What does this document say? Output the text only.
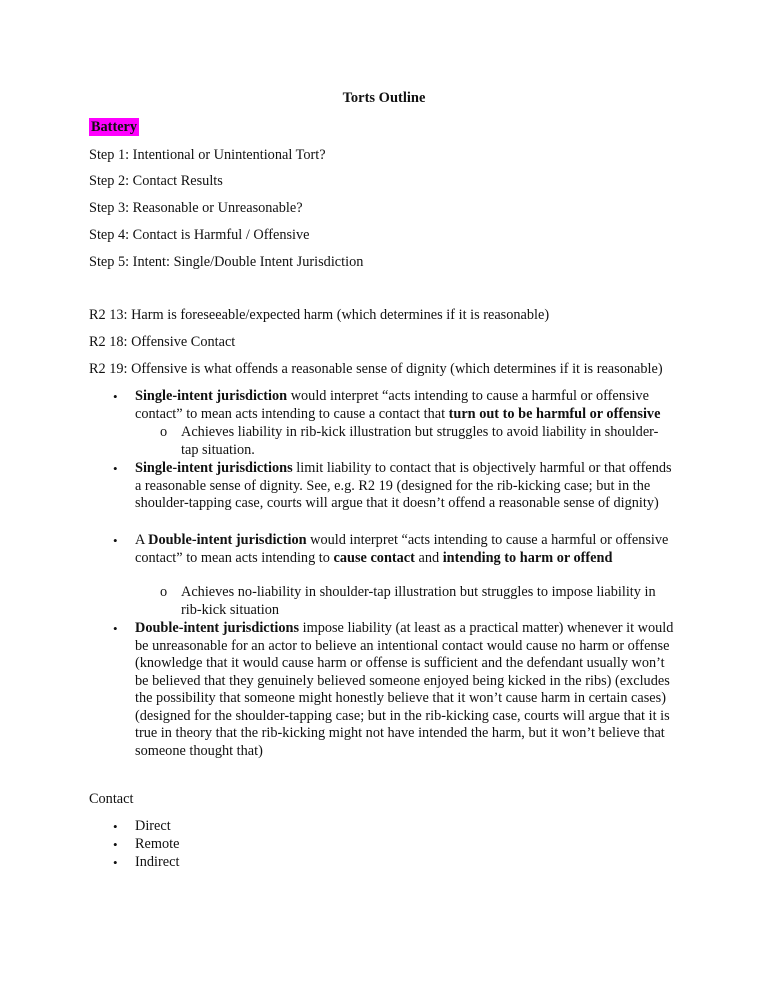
Torts Outline
Battery
Step 1: Intentional or Unintentional Tort?
Step 2: Contact Results
Step 3: Reasonable or Unreasonable?
Step 4: Contact is Harmful / Offensive
Step 5: Intent: Single/Double Intent Jurisdiction
R2 13: Harm is foreseeable/expected harm (which determines if it is reasonable)
R2 18: Offensive Contact
R2 19: Offensive is what offends a reasonable sense of dignity (which determines if it is reasonable)
• Single-intent jurisdiction would interpret “acts intending to cause a harmful or offensive contact” to mean acts intending to cause a contact that turn out to be harmful or offensive
o Achieves liability in rib-kick illustration but struggles to avoid liability in shoulder-tap situation.
• Single-intent jurisdictions limit liability to contact that is objectively harmful or that offends a reasonable sense of dignity. See, e.g. R2 19 (designed for the rib-kicking case; but in the shoulder-tapping case, courts will argue that it doesn’t offend a reasonable sense of dignity)
• A Double-intent jurisdiction would interpret “acts intending to cause a harmful or offensive contact” to mean acts intending to cause contact and intending to harm or offend
o Achieves no-liability in shoulder-tap illustration but struggles to impose liability in rib-kick situation
• Double-intent jurisdictions impose liability (at least as a practical matter) whenever it would be unreasonable for an actor to believe an intentional contact would cause no harm or offense (knowledge that it would cause harm or offense is sufficient and the defendant usually won’t be believed that they genuinely believed someone enjoyed being kicked in the ribs) (excludes the possibility that someone might honestly believe that it won’t cause harm in certain cases) (designed for the shoulder-tapping case; but in the rib-kicking case, courts will argue that it is true in theory that the rib-kicking might not have intended the harm, but it won’t believe that someone thought that)
Contact
• Direct
• Remote
• Indirect
